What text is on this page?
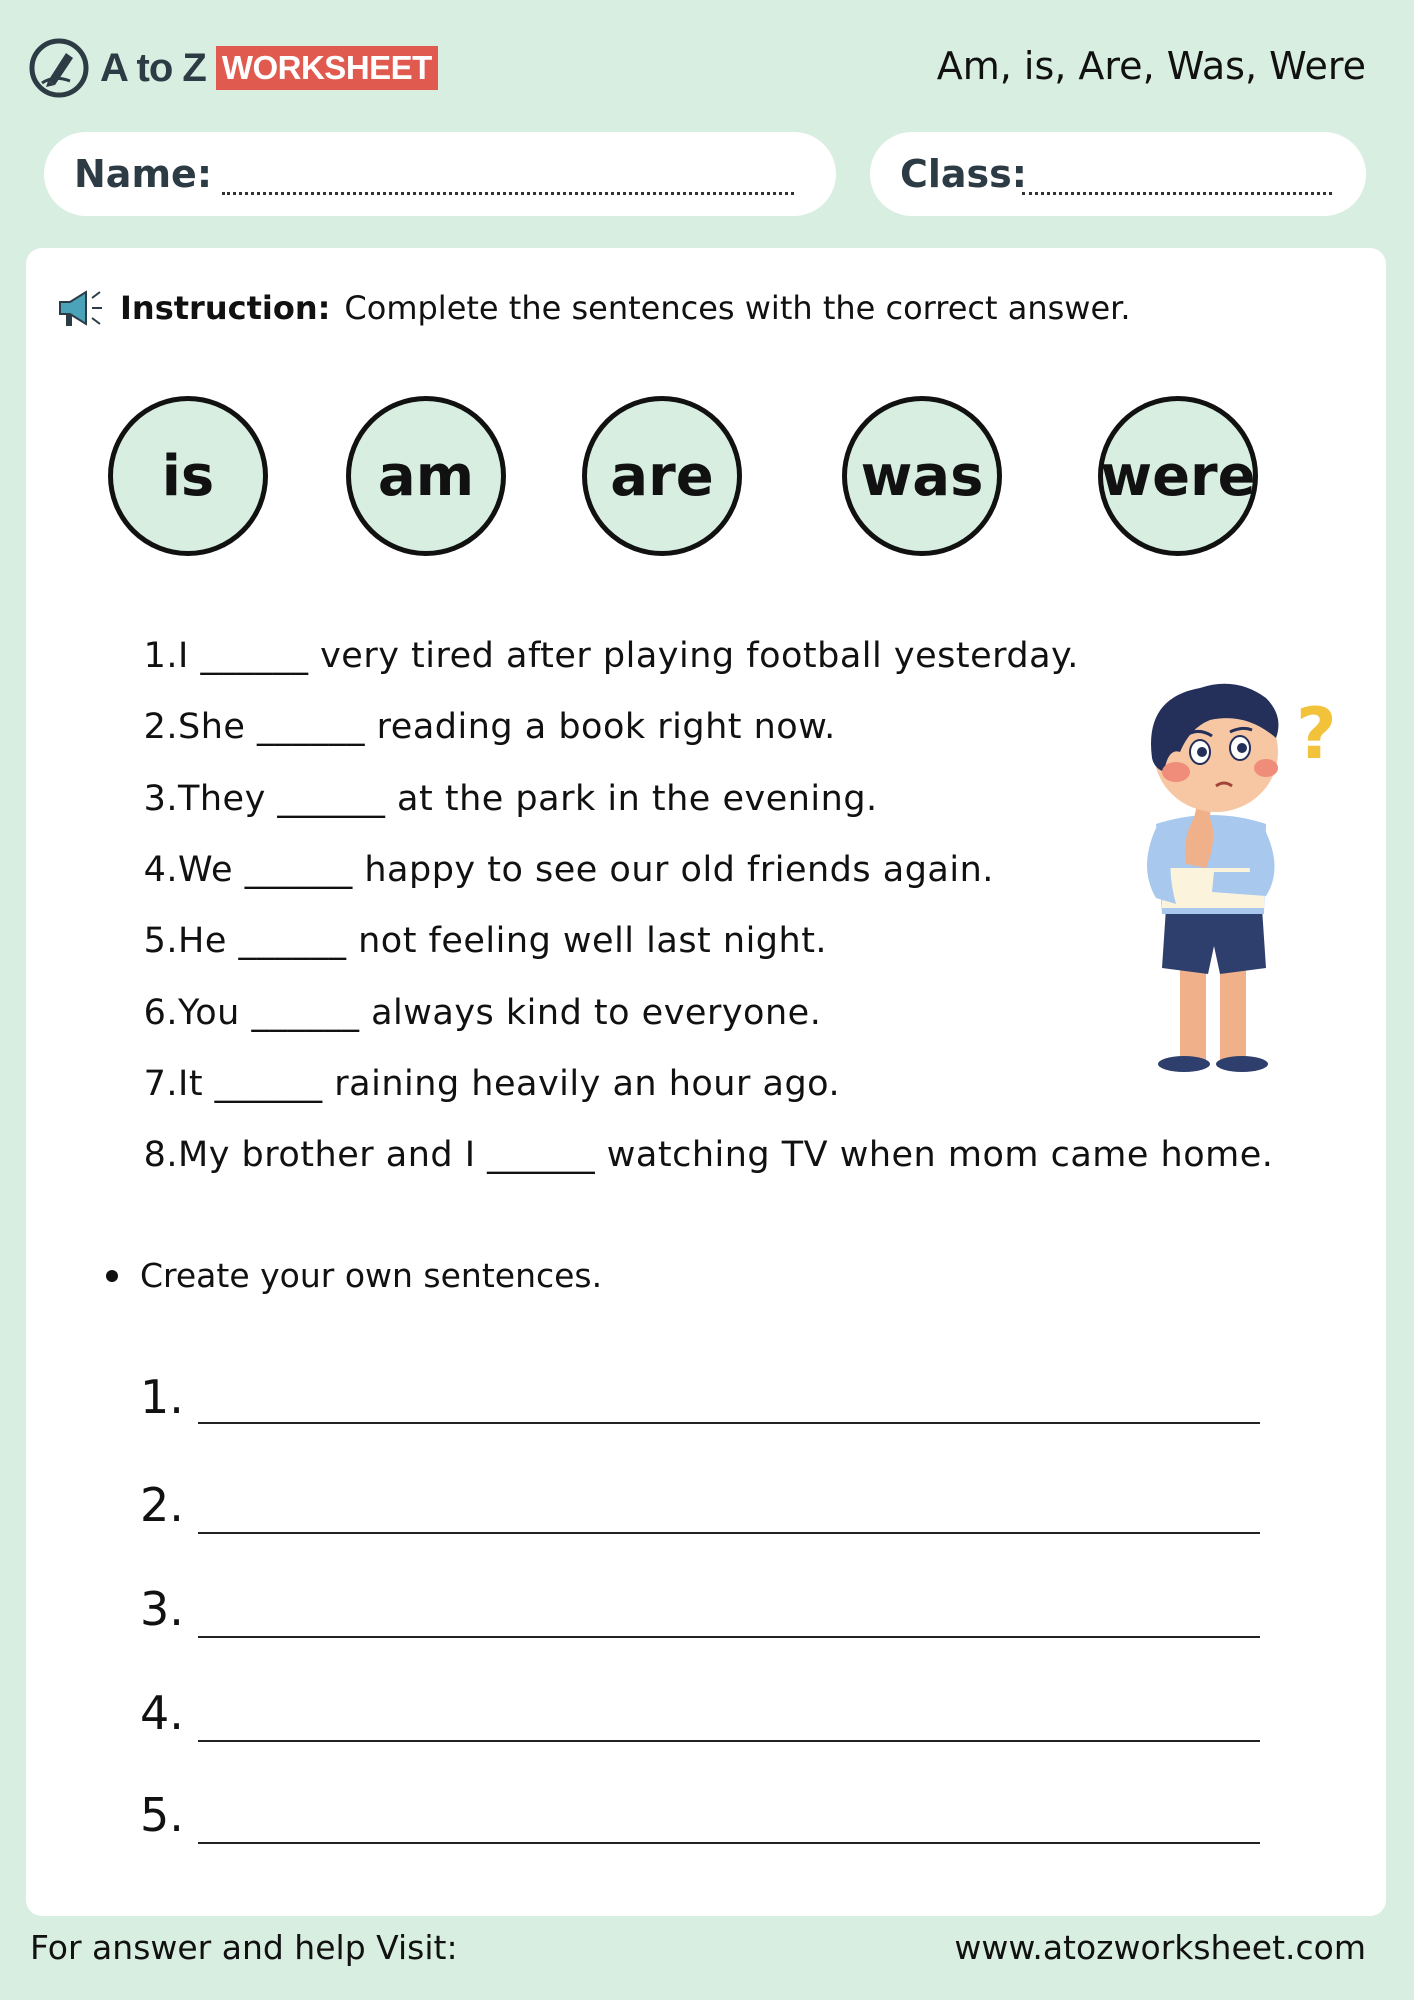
A to Z WORKSHEET	Am, is, Are, Was, Were
Name:	Class:
Instruction: Complete the sentences with the correct answer.
is	am	are	was	were
1.I ______ very tired after playing football yesterday.
2.She ______ reading a book right now.
3.They ______ at the park in the evening.
4.We ______ happy to see our old friends again.
5.He ______ not feeling well last night.
6.You ______ always kind to everyone.
7.It ______ raining heavily an hour ago.
8.My brother and I ______ watching TV when mom came home.
?
Create your own sentences.
1.
2.
3.
4.
5.
For answer and help Visit:	www.atozworksheet.com
